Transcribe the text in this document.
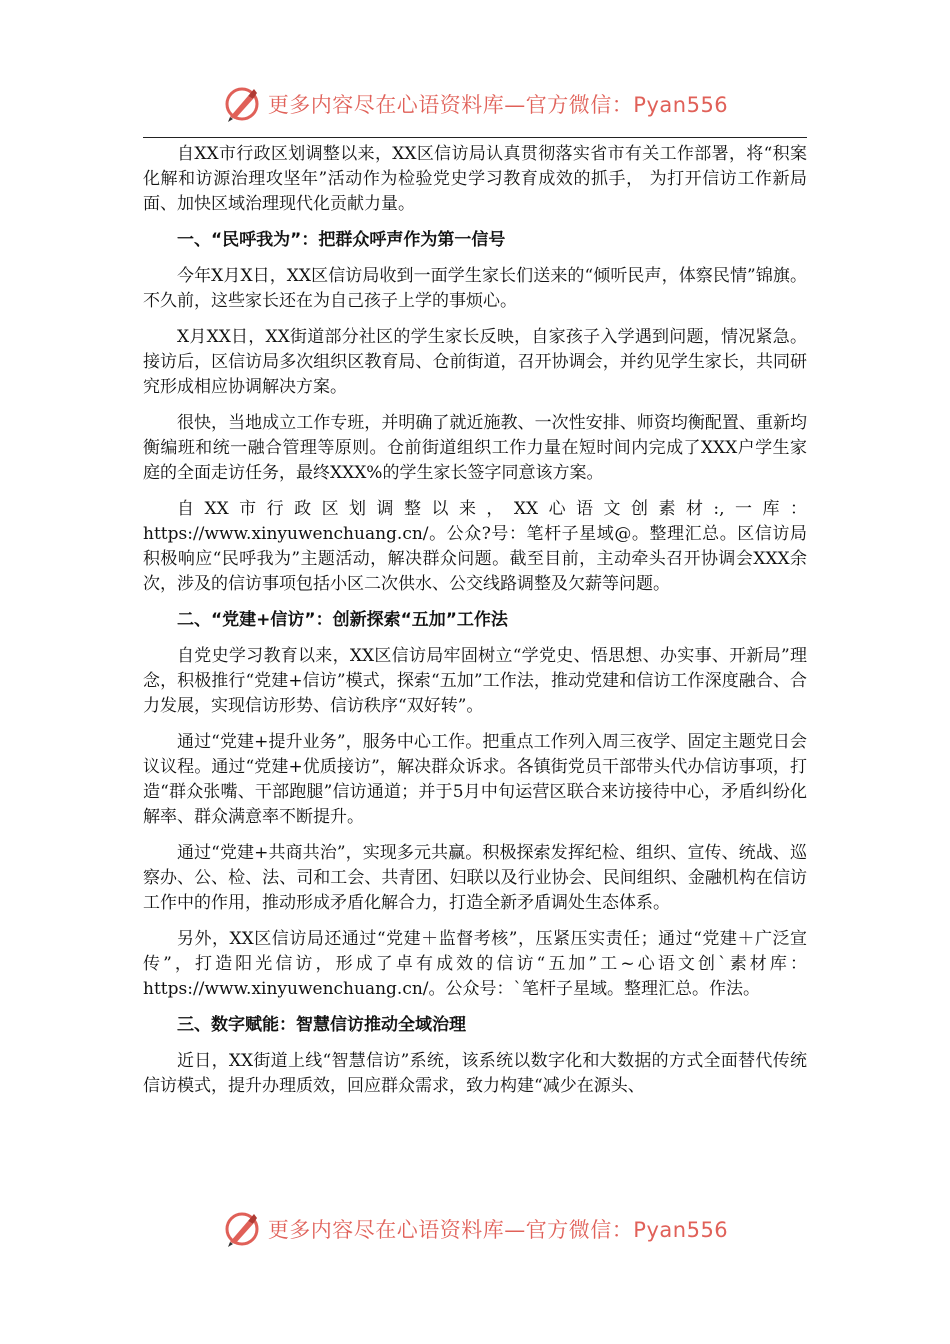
更多内容尽在心语资料库—官方微信：Pyan556

自XX市行政区划调整以来，XX区信访局认真贯彻落实省市有关工作部署，将“积案化解和访源治理攻坚年”活动作为检验党史学习教育成效的抓手， 为打开信访工作新局面、加快区域治理现代化贡献力量。

一、“民呼我为”：把群众呼声作为第一信号

今年X月X日，XX区信访局收到一面学生家长们送来的“倾听民声，体察民情”锦旗。不久前，这些家长还在为自己孩子上学的事烦心。

X月XX日，XX街道部分社区的学生家长反映，自家孩子入学遇到问题，情况紧急。接访后，区信访局多次组织区教育局、仓前街道，召开协调会，并约见学生家长，共同研究形成相应协调解决方案。

很快，当地成立工作专班，并明确了就近施教、一次性安排、师资均衡配置、重新均衡编班和统一融合管理等原则。仓前街道组织工作力量在短时间内完成了XXX户学生家庭的全面走访任务，最终XXX%的学生家长签字同意该方案。

自XX市行政区划调整以来，XX心语文创素材:,一库：https://www.xinyuwenchuang.cn/。公众?号：笔杆子星域@。整理汇总。区信访局积极响应“民呼我为”主题活动，解决群众问题。截至目前，主动牵头召开协调会XXX余次，涉及的信访事项包括小区二次供水、公交线路调整及欠薪等问题。

二、“党建+信访”：创新探索“五加”工作法

自党史学习教育以来，XX区信访局牢固树立“学党史、悟思想、办实事、开新局”理念，积极推行“党建+信访”模式，探索“五加”工作法，推动党建和信访工作深度融合、合力发展，实现信访形势、信访秩序“双好转”。

通过“党建+提升业务”，服务中心工作。把重点工作列入周三夜学、固定主题党日会议议程。通过“党建+优质接访”，解决群众诉求。各镇街党员干部带头代办信访事项，打造“群众张嘴、干部跑腿”信访通道；并于5月中旬运营区联合来访接待中心，矛盾纠纷化解率、群众满意率不断提升。

通过“党建+共商共治”，实现多元共赢。积极探索发挥纪检、组织、宣传、统战、巡察办、公、检、法、司和工会、共青团、妇联以及行业协会、民间组织、金融机构在信访工作中的作用，推动形成矛盾化解合力，打造全新矛盾调处生态体系。

另外，XX区信访局还通过“党建＋监督考核”，压紧压实责任；通过“党建＋广泛宣传”，打造阳光信访，形成了卓有成效的信访“五加”工~心语文创`素材库：https://www.xinyuwenchuang.cn/。公众号：`笔杆子星域。整理汇总。作法。

三、数字赋能：智慧信访推动全域治理

近日，XX街道上线“智慧信访”系统，该系统以数字化和大数据的方式全面替代传统信访模式，提升办理质效，回应群众需求，致力构建“减少在源头、

更多内容尽在心语资料库—官方微信：Pyan556
